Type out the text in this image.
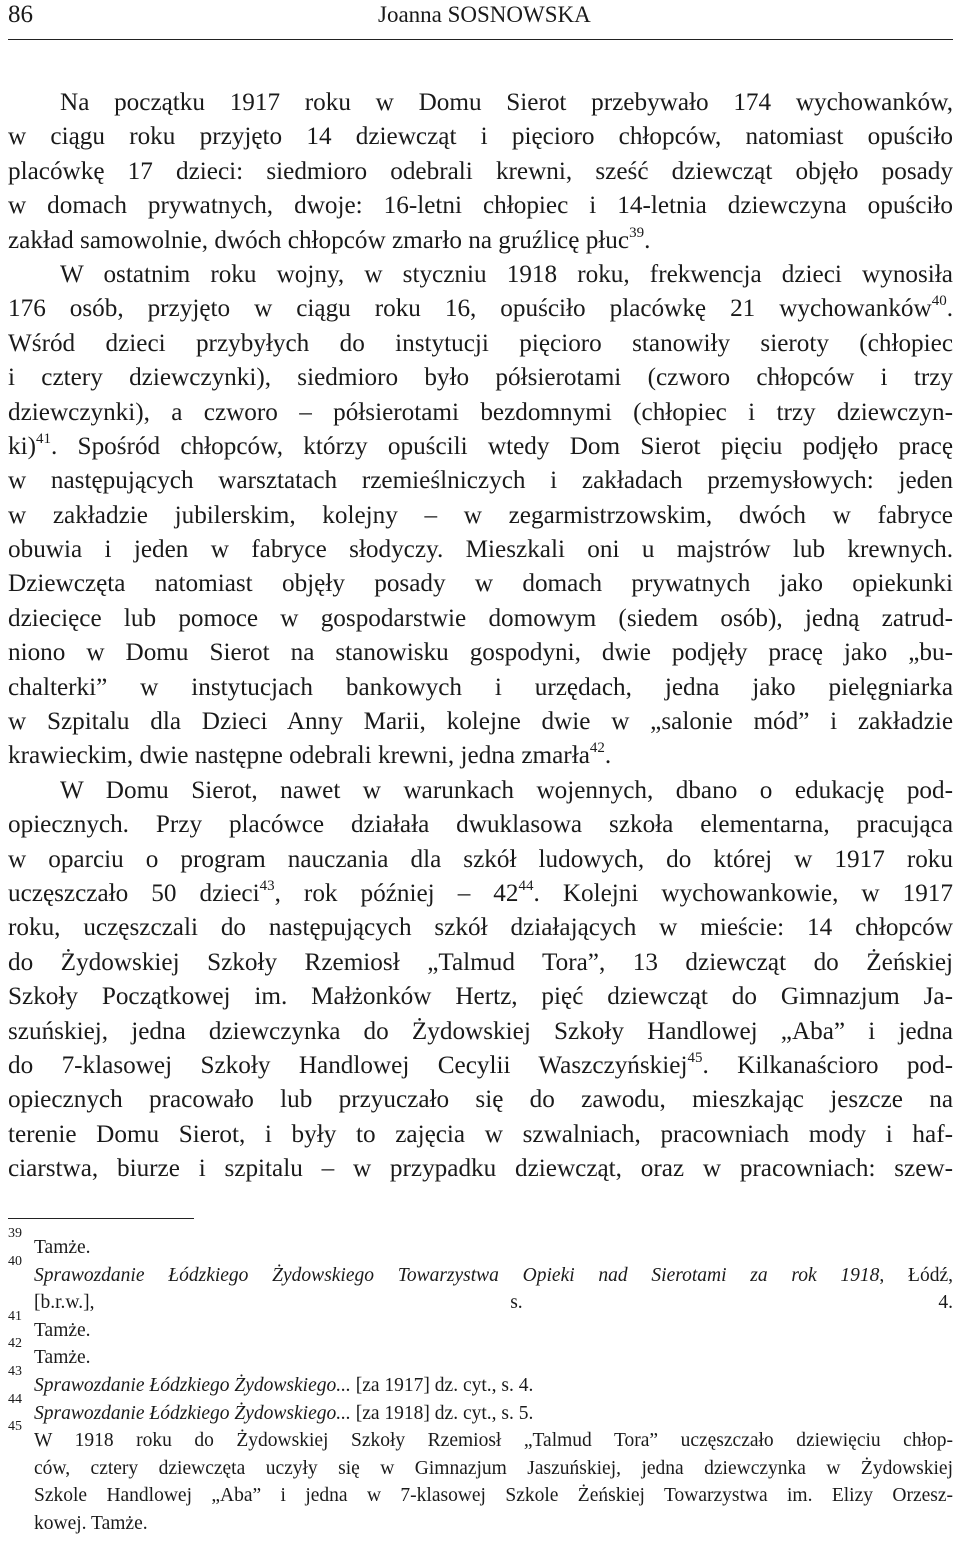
86	Joanna SOSNOWSKA
Na początku 1917 roku w Domu Sierot przebywało 174 wychowanków,
w ciągu roku przyjęto 14 dziewcząt i pięcioro chłopców, natomiast opuściło
placówkę 17 dzieci: siedmioro odebrali krewni, sześć dziewcząt objęło posady
w domach prywatnych, dwoje: 16-letni chłopiec i 14-letnia dziewczyna opuściło
zakład samowolnie, dwóch chłopców zmarło na gruźlicę płuc$^{39}$.
W ostatnim roku wojny, w styczniu 1918 roku, frekwencja dzieci wynosiła
176 osób, przyjęto w ciągu roku 16, opuściło placówkę 21 wychowanków$^{40}$.
Wśród dzieci przybyłych do instytucji pięcioro stanowiły sieroty (chłopiec
i cztery dziewczynki), siedmioro było półsierotami (czworo chłopców i trzy
dziewczynki), a czworo – półsierotami bezdomnymi (chłopiec i trzy dziewczyn-
ki)$^{41}$. Spośród chłopców, którzy opuścili wtedy Dom Sierot pięciu podjęło pracę
w następujących warsztatach rzemieślniczych i zakładach przemysłowych: jeden
w zakładzie jubilerskim, kolejny – w zegarmistrzowskim, dwóch w fabryce
obuwia i jeden w fabryce słodyczy. Mieszkali oni u majstrów lub krewnych.
Dziewczęta natomiast objęły posady w domach prywatnych jako opiekunki
dziecięce lub pomoce w gospodarstwie domowym (siedem osób), jedną zatrud-
niono w Domu Sierot na stanowisku gospodyni, dwie podjęły pracę jako „bu-
chalterki” w instytucjach bankowych i urzędach, jedna jako pielęgniarka
w Szpitalu dla Dzieci Anny Marii, kolejne dwie w „salonie mód” i zakładzie
krawieckim, dwie następne odebrali krewni, jedna zmarła$^{42}$.
W Domu Sierot, nawet w warunkach wojennych, dbano o edukację pod-
opiecznych. Przy placówce działała dwuklasowa szkoła elementarna, pracująca
w oparciu o program nauczania dla szkół ludowych, do której w 1917 roku
uczęszczało 50 dzieci$^{43}$, rok później – $42^{44}$. Kolejni wychowankowie, w 1917
roku, uczęszczali do następujących szkół działających w mieście: 14 chłopców
do Żydowskiej Szkoły Rzemiosł „Talmud Tora”, 13 dziewcząt do Żeńskiej
Szkoły Początkowej im. Małżonków Hertz, pięć dziewcząt do Gimnazjum Ja-
szuńskiej, jedna dziewczynka do Żydowskiej Szkoły Handlowej „Aba” i jedna
do 7-klasowej Szkoły Handlowej Cecylii Waszczyńskiej$^{45}$. Kilkanaścioro pod-
opiecznych pracowało lub przyuczało się do zawodu, mieszkając jeszcze na
terenie Domu Sierot, i były to zajęcia w szwalniach, pracowniach mody i haf-
ciarstwa, biurze i szpitalu – w przypadku dziewcząt, oraz w pracowniach: szew-
39
Tamże.
40
Sprawozdanie Łódzkiego Żydowskiego Towarzystwa Opieki nad Sierotami za rok 1918, Łódź,
[b.r.w.], s. 4.
41
Tamże.
42
Tamże.
43
Sprawozdanie Łódzkiego Żydowskiego... [za 1917] dz. cyt., s. 4.
44
Sprawozdanie Łódzkiego Żydowskiego... [za 1918] dz. cyt., s. 5.
45
W 1918 roku do Żydowskiej Szkoły Rzemiosł „Talmud Tora” uczęszczało dziewięciu chłop-
ców, cztery dziewczęta uczyły się w Gimnazjum Jaszuńskiej, jedna dziewczynka w Żydowskiej
Szkole Handlowej „Aba” i jedna w 7-klasowej Szkole Żeńskiej Towarzystwa im. Elizy Orzesz-
kowej. Tamże.
